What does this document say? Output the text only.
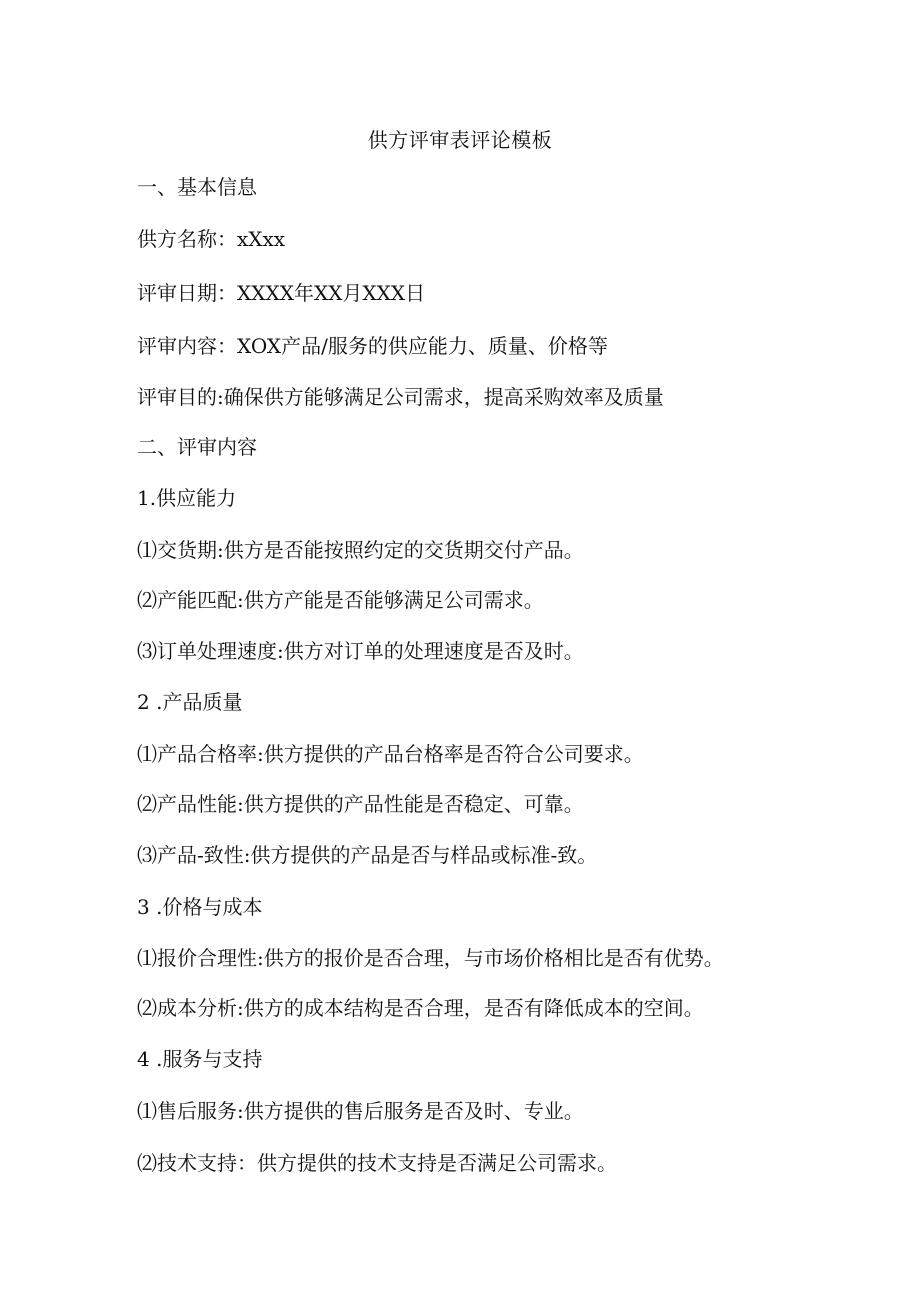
供方评审表评论模板
一、基本信息
供方名称：xXxx
评审日期：XXXX年XX月XXX日
评审内容：XOX产品/服务的供应能力、质量、价格等
评审目的:确保供方能够满足公司需求，提高采购效率及质量
二、评审内容
1.供应能力
⑴交货期:供方是否能按照约定的交货期交付产品。
⑵产能匹配:供方产能是否能够满足公司需求。
⑶订单处理速度:供方对订单的处理速度是否及时。
2 .产品质量
⑴产品合格率:供方提供的产品台格率是否符合公司要求。
⑵产品性能:供方提供的产品性能是否稳定、可靠。
⑶产品-致性:供方提供的产品是否与样品或标准-致。
3 .价格与成本
⑴报价合理性:供方的报价是否合理，与市场价格相比是否有优势。
⑵成本分析:供方的成本结构是否合理，是否有降低成本的空间。
4 .服务与支持
⑴售后服务:供方提供的售后服务是否及时、专业。
⑵技术支持：供方提供的技术支持是否满足公司需求。
